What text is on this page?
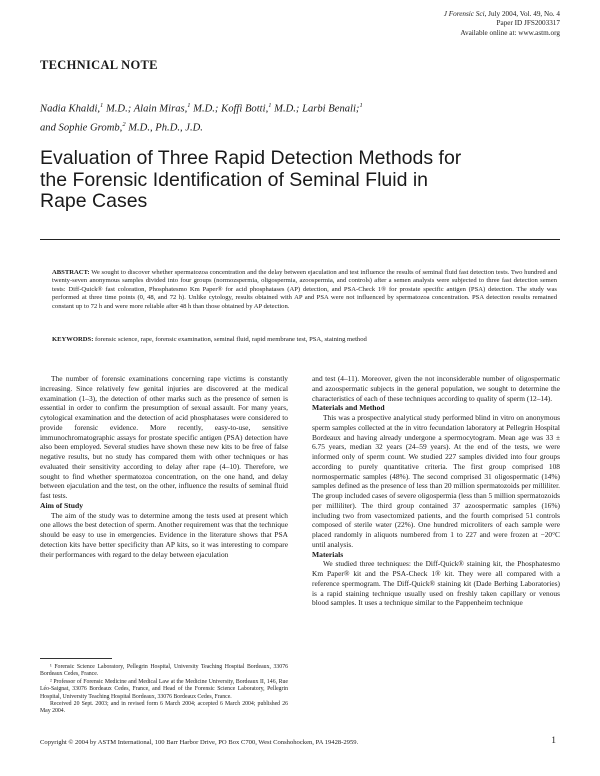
J Forensic Sci, July 2004, Vol. 49, No. 4
Paper ID JFS2003317
Available online at: www.astm.org
TECHNICAL NOTE
Nadia Khaldi,$^1$ M.D.; Alain Miras,$^1$ M.D.; Koffi Botti,$^1$ M.D.; Larbi Benali;$^1$
and Sophie Gromb,$^2$ M.D., Ph.D., J.D.
Evaluation of Three Rapid Detection Methods for
the Forensic Identification of Seminal Fluid in
Rape Cases
ABSTRACT: We sought to discover whether spermatozoa concentration and the delay between ejaculation and test influence the results of seminal fluid fast detection tests. Two hundred and twenty-seven anonymous samples divided into four groups (normozspermia, oligospermia, azoospermia, and controls) after a semen analysis were subjected to three fast detection semen tests: Diff-Quick® fast coloration, Phosphatesmo Km Paper® for acid phosphatases (AP) detection, and PSA-Check 1® for prostate specific antigen (PSA) detection. The study was performed at three time points (0, 48, and 72 h). Unlike cytology, results obtained with AP and PSA were not influenced by spermatozoa concentration. PSA detection results remained constant up to 72 h and were more reliable after 48 h than those obtained by AP detection.
KEYWORDS: forensic science, rape, forensic examination, seminal fluid, rapid membrane test, PSA, staining method

The number of forensic examinations concerning rape victims is constantly increasing. Since relatively few genital injuries are discovered at the medical examination (1–3), the detection of other marks such as the presence of semen is essential in order to confirm the presumption of sexual assault. For many years, cytological examination and the detection of acid phosphatases were considered to provide forensic evidence. More recently, easy-to-use, sensitive immunochromatographic assays for prostate specific antigen (PSA) detection have also been employed. Several studies have shown these new kits to be free of false negative results, but no study has compared them with other techniques or has evaluated their sensitivity according to delay after rape (4–10). Therefore, we sought to find whether spermatozoa concentration, on the one hand, and delay between ejaculation and the test, on the other, influence the results of seminal fluid fast tests.

Aim of Study

The aim of the study was to determine among the tests used at present which one allows the best detection of sperm. Another requirement was that the technique should be easy to use in emergencies. Evidence in the literature shows that PSA detection kits have better specificity than AP kits, so it was interesting to compare their performances with regard to the delay between ejaculation

¹ Forensic Science Laboratory, Pellegrin Hospital, University Teaching Hospital Bordeaux, 33076 Bordeaux Cedes, France.

² Professor of Forensic Medicine and Medical Law at the Medicine University, Bordeaux II, 146, Rue Léo-Saignat, 33076 Bordeaux Cedes, France, and Head of the Forensic Science Laboratory, Pellegrin Hospital, University Teaching Hospital Bordeaux, 33076 Bordeaux Cedes, France.

Received 20 Sept. 2003; and in revised form 6 March 2004; accepted 6 March 2004; published 26 May 2004.

and test (4–11). Moreover, given the not inconsiderable number of oligospermatic and azoospermatic subjects in the general population, we sought to determine the characteristics of each of these techniques according to quality of sperm (12–14).

Materials and Method

This was a prospective analytical study performed blind in vitro on anonymous sperm samples collected at the in vitro fecundation laboratory at Pellegrin Hospital Bordeaux and having already undergone a spermocytogram. Mean age was 33 ± 6.75 years, median 32 years (24–59 years). At the end of the tests, we were informed only of sperm count. We studied 227 samples divided into four groups according to purely quantitative criteria. The first group comprised 108 normospermatic samples (48%). The second comprised 31 oligospermatic (14%) samples defined as the presence of less than 20 million spermatozoids per milliliter. The group included cases of severe oligospermia (less than 5 million spermatozoids per milliliter). The third group contained 37 azoospermatic samples (16%) including two from vasectomized patients, and the fourth comprised 51 controls composed of sterile water (22%). One hundred microliters of each sample were placed randomly in aliquots numbered from 1 to 227 and were frozen at −20°C until analysis.

Materials

We studied three techniques: the Diff-Quick® staining kit, the Phosphatesmo Km Paper® kit and the PSA-Check 1® kit. They were all compared with a reference spermogram. The Diff-Quick® staining kit (Dade Berhing Laboratories) is a rapid staining technique usually used on freshly taken capillary or venous blood samples. It uses a technique similar to the Pappenheim technique

Copyright © 2004 by ASTM International, 100 Barr Harbor Drive, PO Box C700, West Conshohocken, PA 19428-2959.	1
